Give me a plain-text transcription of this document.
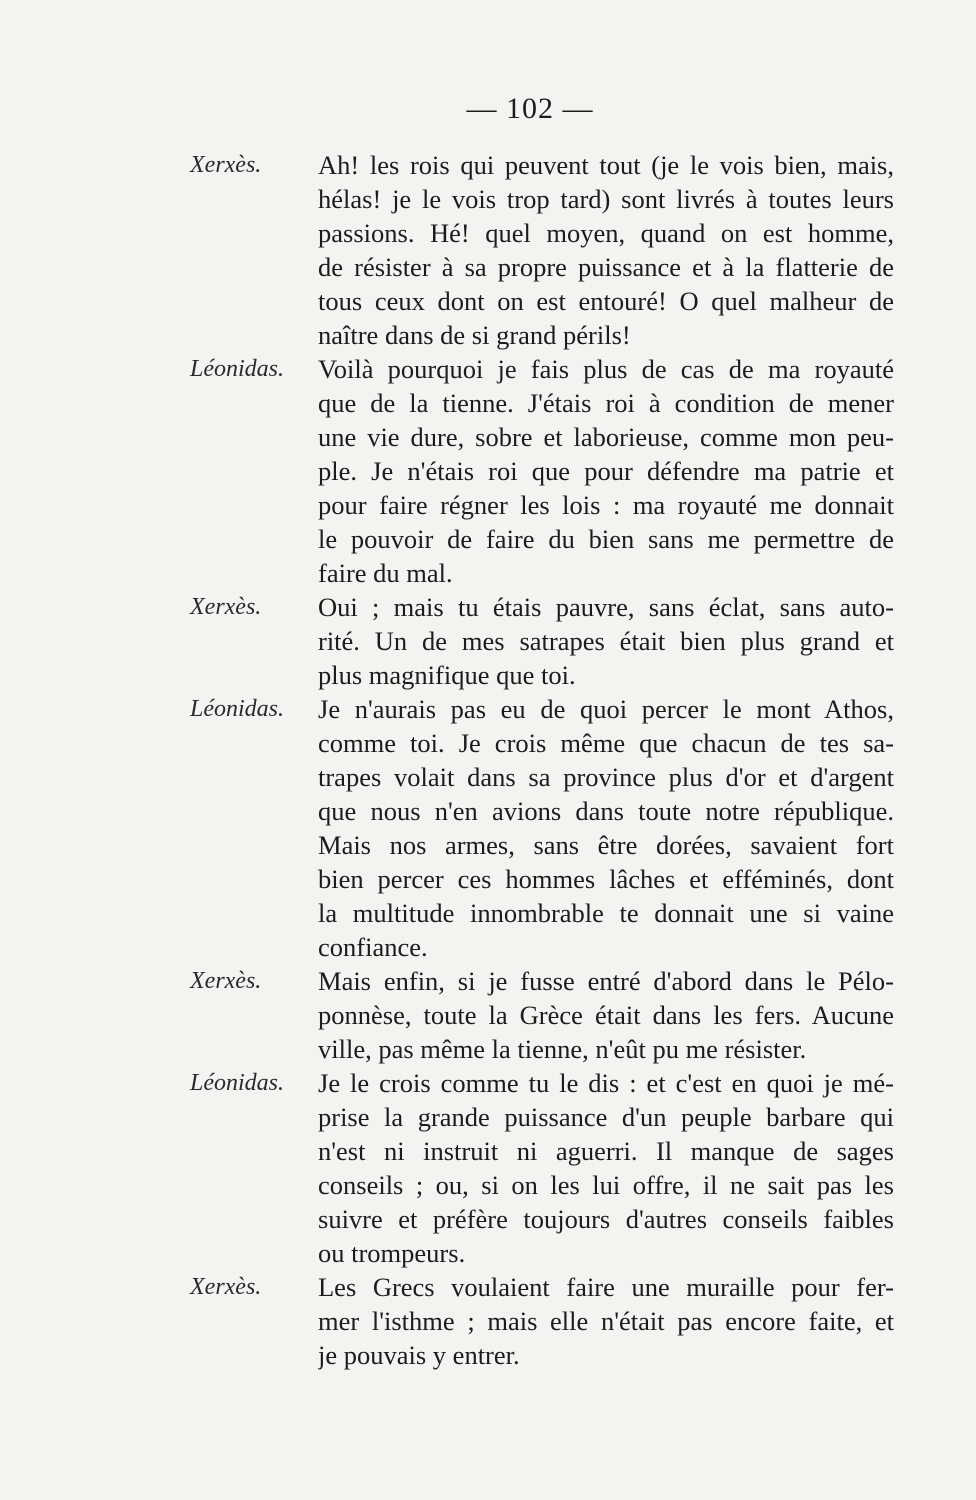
— 102 —
Xerxès. Ah! les rois qui peuvent tout (je le vois bien, mais,
hélas! je le vois trop tard) sont livrés à toutes leurs
passions. Hé! quel moyen, quand on est homme,
de résister à sa propre puissance et à la flatterie de
tous ceux dont on est entouré! O quel malheur de
naître dans de si grand périls!
Léonidas. Voilà pourquoi je fais plus de cas de ma royauté
que de la tienne. J'étais roi à condition de mener
une vie dure, sobre et laborieuse, comme mon peu-
ple. Je n'étais roi que pour défendre ma patrie et
pour faire régner les lois : ma royauté me donnait
le pouvoir de faire du bien sans me permettre de
faire du mal.
Xerxès. Oui ; mais tu étais pauvre, sans éclat, sans auto-
rité. Un de mes satrapes était bien plus grand et
plus magnifique que toi.
Léonidas. Je n'aurais pas eu de quoi percer le mont Athos,
comme toi. Je crois même que chacun de tes sa-
trapes volait dans sa province plus d'or et d'argent
que nous n'en avions dans toute notre république.
Mais nos armes, sans être dorées, savaient fort
bien percer ces hommes lâches et efféminés, dont
la multitude innombrable te donnait une si vaine
confiance.
Xerxès. Mais enfin, si je fusse entré d'abord dans le Pélo-
ponnèse, toute la Grèce était dans les fers. Aucune
ville, pas même la tienne, n'eût pu me résister.
Léonidas. Je le crois comme tu le dis : et c'est en quoi je mé-
prise la grande puissance d'un peuple barbare qui
n'est ni instruit ni aguerri. Il manque de sages
conseils ; ou, si on les lui offre, il ne sait pas les
suivre et préfère toujours d'autres conseils faibles
ou trompeurs.
Xerxès. Les Grecs voulaient faire une muraille pour fer-
mer l'isthme ; mais elle n'était pas encore faite, et
je pouvais y entrer.
